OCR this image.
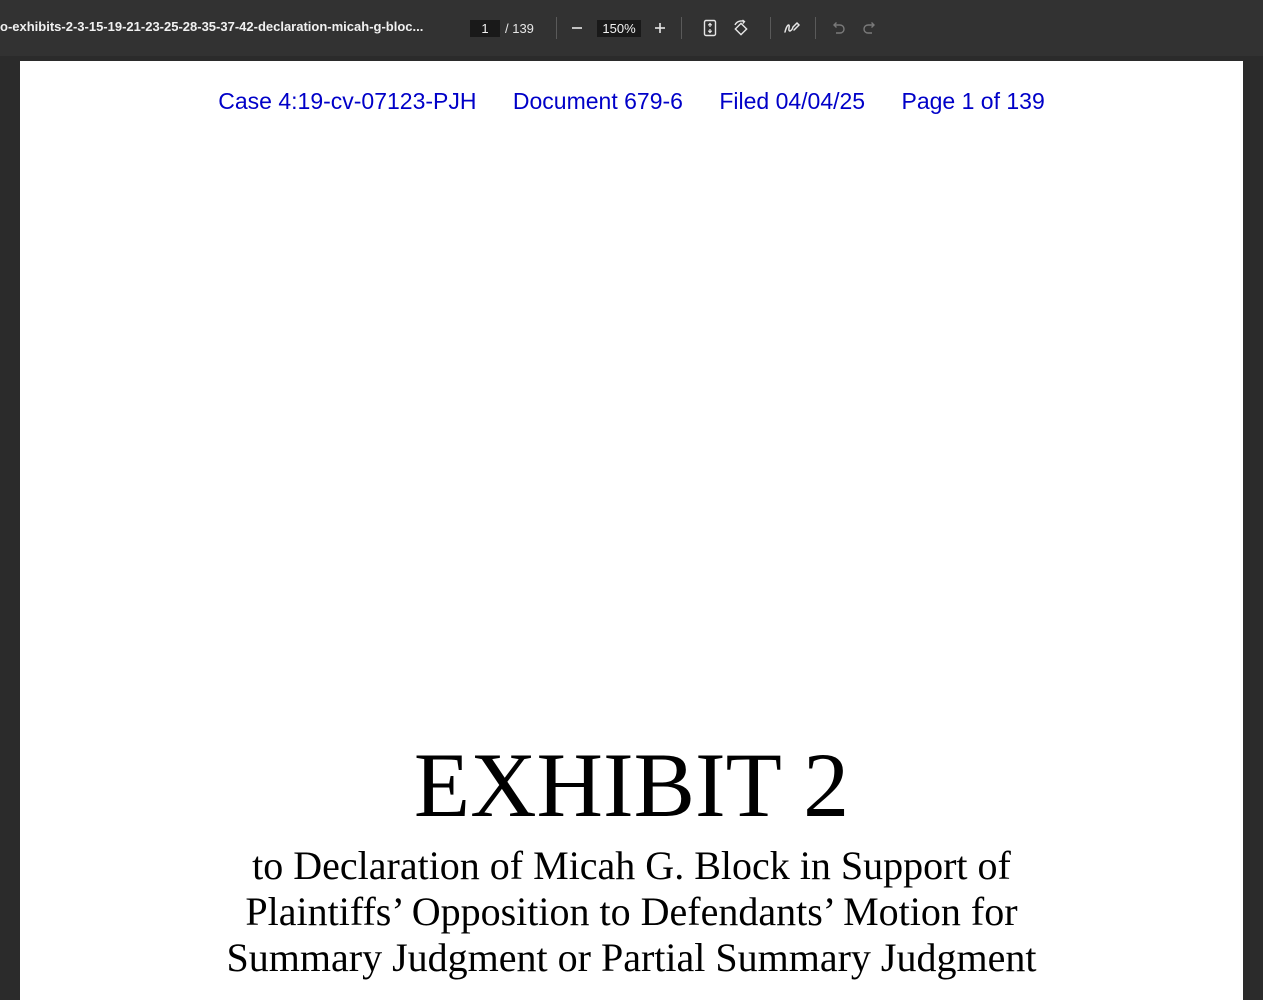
o-exhibits-2-3-15-19-21-23-25-28-35-37-42-declaration-micah-g-bloc...
1	/ 139
150%
Case 4:19-cv-07123-PJH Document 679-6 Filed 04/04/25 Page 1 of 139
EXHIBIT 2
to Declaration of Micah G. Block in Support of
Plaintiffs’ Opposition to Defendants’ Motion for
Summary Judgment or Partial Summary Judgment
